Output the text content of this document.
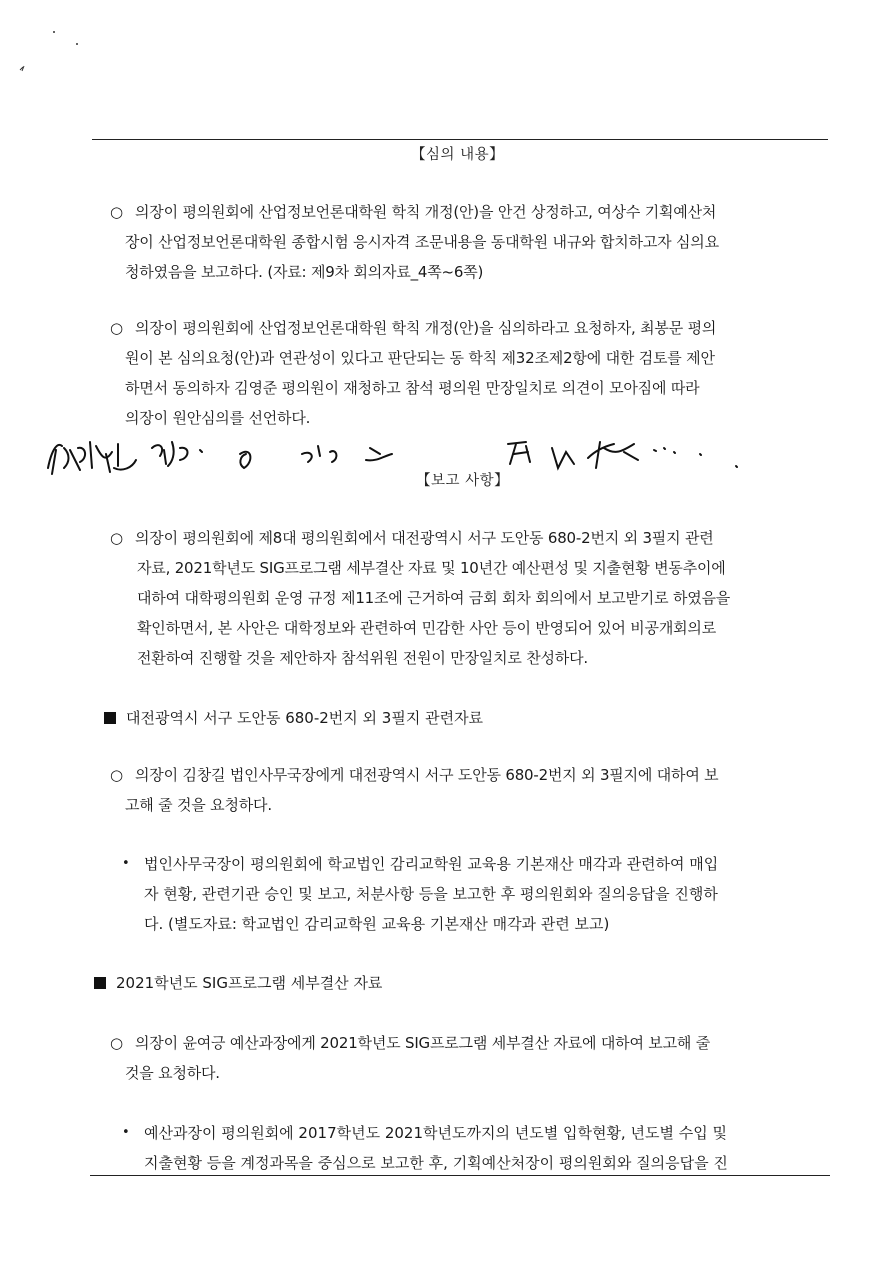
【심의 내용】
○ 의장이 평의원회에 산업정보언론대학원 학칙 개정(안)을 안건 상정하고, 여상수 기획예산처
장이 산업정보언론대학원 종합시험 응시자격 조문내용을 동대학원 내규와 합치하고자 심의요
청하였음을 보고하다. (자료: 제9차 회의자료_4쪽~6쪽)
○ 의장이 평의원회에 산업정보언론대학원 학칙 개정(안)을 심의하라고 요청하자, 최봉문 평의
원이 본 심의요청(안)과 연관성이 있다고 판단되는 동 학칙 제32조제2항에 대한 검토를 제안
하면서 동의하자 김영준 평의원이 재청하고 참석 평의원 만장일치로 의견이 모아짐에 따라
의장이 원안심의를 선언하다.
【보고 사항】
○ 의장이 평의원회에 제8대 평의원회에서 대전광역시 서구 도안동 680-2번지 외 3필지 관련
자료, 2021학년도 SIG프로그램 세부결산 자료 및 10년간 예산편성 및 지출현황 변동추이에
대하여 대학평의원회 운영 규정 제11조에 근거하여 금회 회차 회의에서 보고받기로 하였음을
확인하면서, 본 사안은 대학정보와 관련하여 민감한 사안 등이 반영되어 있어 비공개회의로
전환하여 진행할 것을 제안하자 참석위원 전원이 만장일치로 찬성하다.
대전광역시 서구 도안동 680-2번지 외 3필지 관련자료
○ 의장이 김창길 법인사무국장에게 대전광역시 서구 도안동 680-2번지 외 3필지에 대하여 보
고해 줄 것을 요청하다.
• 법인사무국장이 평의원회에 학교법인 감리교학원 교육용 기본재산 매각과 관련하여 매입
자 현황, 관련기관 승인 및 보고, 처분사항 등을 보고한 후 평의원회와 질의응답을 진행하
다. (별도자료: 학교법인 감리교학원 교육용 기본재산 매각과 관련 보고)
2021학년도 SIG프로그램 세부결산 자료
○ 의장이 윤여긍 예산과장에게 2021학년도 SIG프로그램 세부결산 자료에 대하여 보고해 줄
것을 요청하다.
• 예산과장이 평의원회에 2017학년도 2021학년도까지의 년도별 입학현황, 년도별 수입 및
지출현황 등을 계정과목을 중심으로 보고한 후, 기획예산처장이 평의원회와 질의응답을 진
